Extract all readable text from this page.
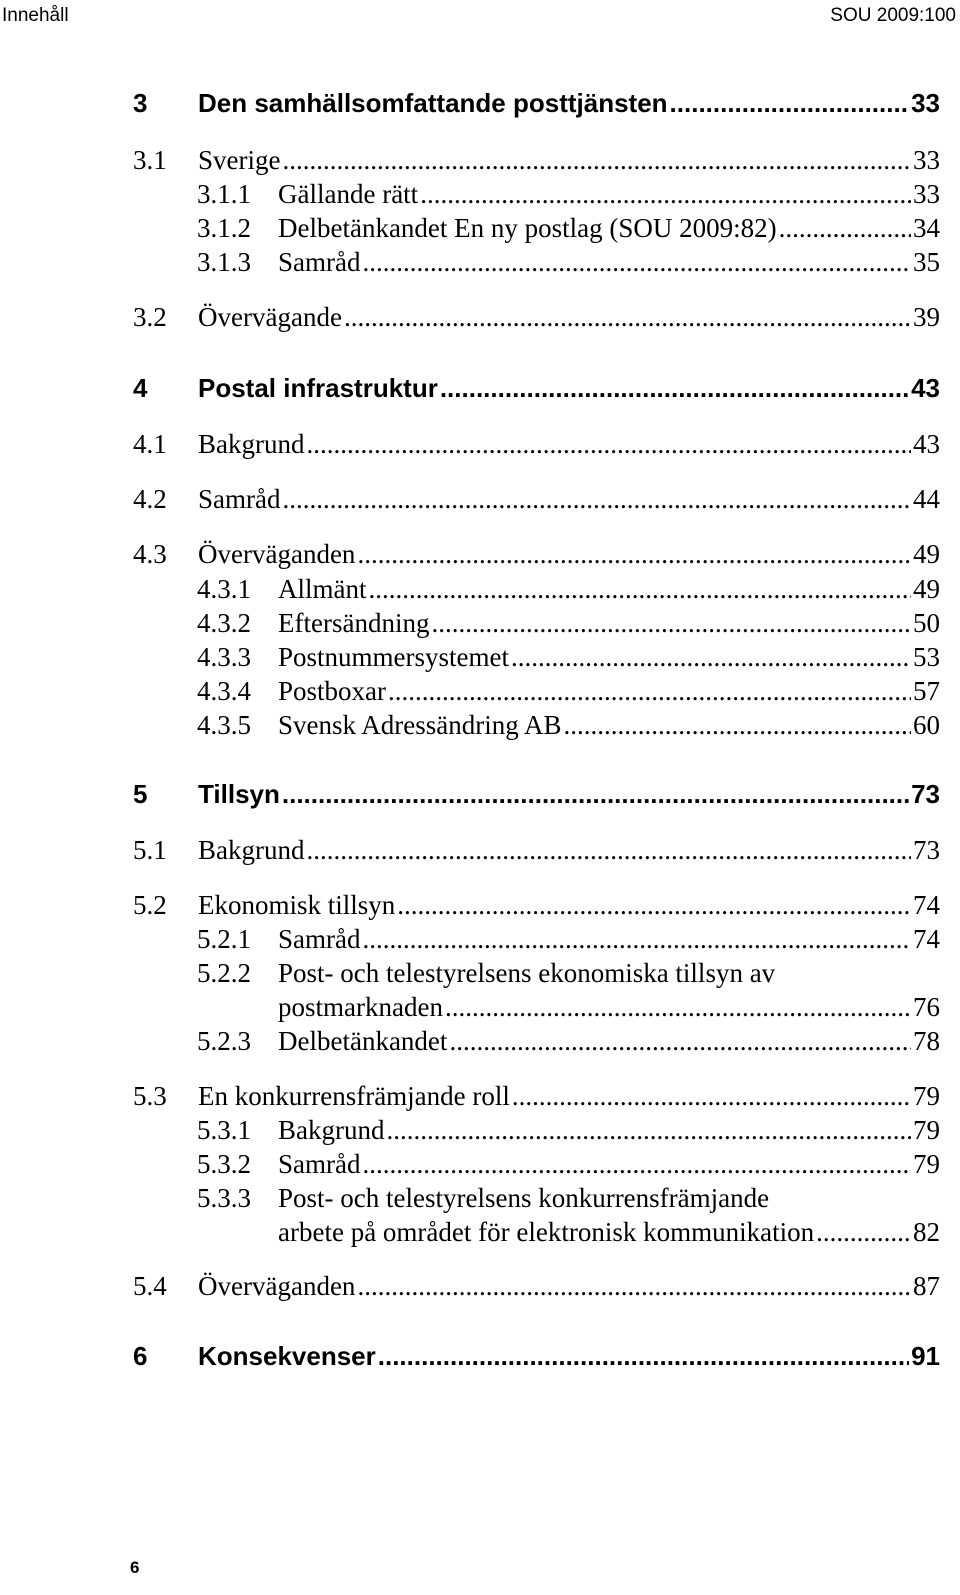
Innehåll	SOU 2009:100
3	Den samhällsomfattande posttjänsten .....	33
3.1	Sverige .....	33
3.1.1	Gällande rätt .....	33
3.1.2	Delbetänkandet En ny postlag (SOU 2009:82) .....	34
3.1.3	Samråd .....	35
3.2	Övervägande .....	39
4	Postal infrastruktur .....	43
4.1	Bakgrund .....	43
4.2	Samråd .....	44
4.3	Överväganden .....	49
4.3.1	Allmänt .....	49
4.3.2	Eftersändning .....	50
4.3.3	Postnummersystemet .....	53
4.3.4	Postboxar .....	57
4.3.5	Svensk Adressändring AB .....	60
5	Tillsyn .....	73
5.1	Bakgrund .....	73
5.2	Ekonomisk tillsyn .....	74
5.2.1	Samråd .....	74
5.2.2	Post- och telestyrelsens ekonomiska tillsyn av
postmarknaden .....	76
5.2.3	Delbetänkandet .....	78
5.3	En konkurrensfrämjande roll .....	79
5.3.1	Bakgrund .....	79
5.3.2	Samråd .....	79
5.3.3	Post- och telestyrelsens konkurrensfrämjande
arbete på området för elektronisk kommunikation .....	82
5.4	Överväganden .....	87
6	Konsekvenser .....	91
6
